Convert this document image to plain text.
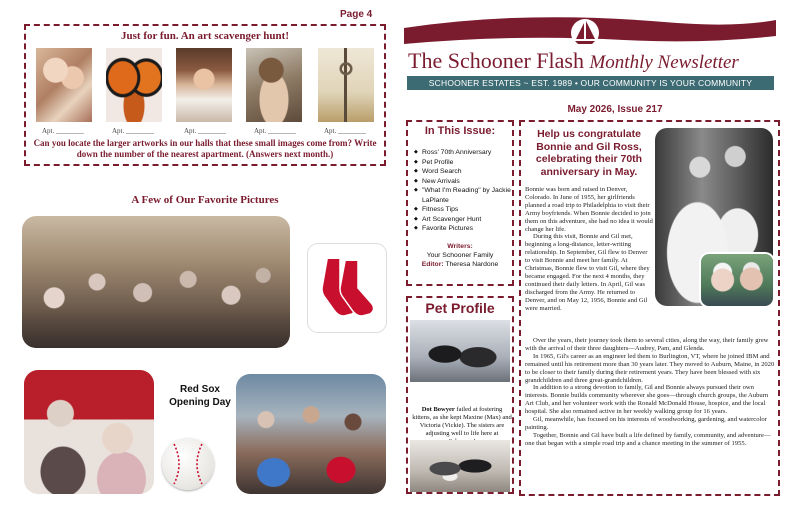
Page 4
Just for fun. An art scavenger hunt!
Apt. ________	Apt. ________	Apt. ________	Apt. ________	Apt. ________
Can you locate the larger artworks in our halls that these small images come from? Write down the number of the nearest apartment. (Answers next month.)
A Few of Our Favorite Pictures
Red Sox Opening Day
The Schooner Flash Monthly Newsletter
SCHOONER ESTATES ~ EST. 1989 • OUR COMMUNITY IS YOUR COMMUNITY
May 2026, Issue 217
In This Issue:
◆ Ross' 70th Anniversary
◆ Pet Profile
◆ Word Search
◆ New Arrivals
◆ "What I'm Reading" by Jackie LaPlante
◆ Fitness Tips
◆ Art Scavenger Hunt
◆ Favorite Pictures
Writers:
Your Schooner Family
Editor: Theresa Nardone
Pet Profile
Dot Bowyer failed at fostering kittens, as she kept Maxine (Max) and Victoria (Vickie). The sisters are adjusting well to life here at
Help us congratulate Bonnie and Gil Ross, celebrating their 70th anniversary in May.

Bonnie was born and raised in Denver, Colorado. In June of 1955, her girlfriends planned a road trip to Philadelphia to visit their Army boyfriends. When Bonnie decided to join them on this adventure, she had no idea it would change her life.

During this visit, Bonnie and Gil met, beginning a long-distance, letter-writing relationship. In September, Gil flew to Denver to visit Bonnie and meet her family. At Christmas, Bonnie flew to visit Gil, where they became engaged. For the next 4 months, they continued their daily letters. In April, Gil was discharged from the Army. He returned to Denver, and on May 12, 1956, Bonnie and Gil were married.

Over the years, their journey took them to several cities, along the way, their family grew with the arrival of their three daughters—Audrey, Pam, and Glenda.

In 1965, Gil's career as an engineer led them to Burlington, VT, where he joined IBM and remained until his retirement more than 30 years later. They moved to Auburn, Maine, in 2020 to be closer to their family during their retirement years. They have been blessed with six grandchildren and three great-grandchildren.

In addition to a strong devotion to family, Gil and Bonnie always pursued their own interests. Bonnie builds community wherever she goes—through church groups, the Auburn Art Club, and her volunteer work with the Ronald McDonald House, hospice, and the local hospital. She also remained active in her weekly walking group for 16 years.

Gil, meanwhile, has focused on his interests of woodworking, gardening, and watercolor painting.

Together, Bonnie and Gil have built a life defined by family, community, and adventure—one that began with a simple road trip and a chance meeting in the summer of 1955.
